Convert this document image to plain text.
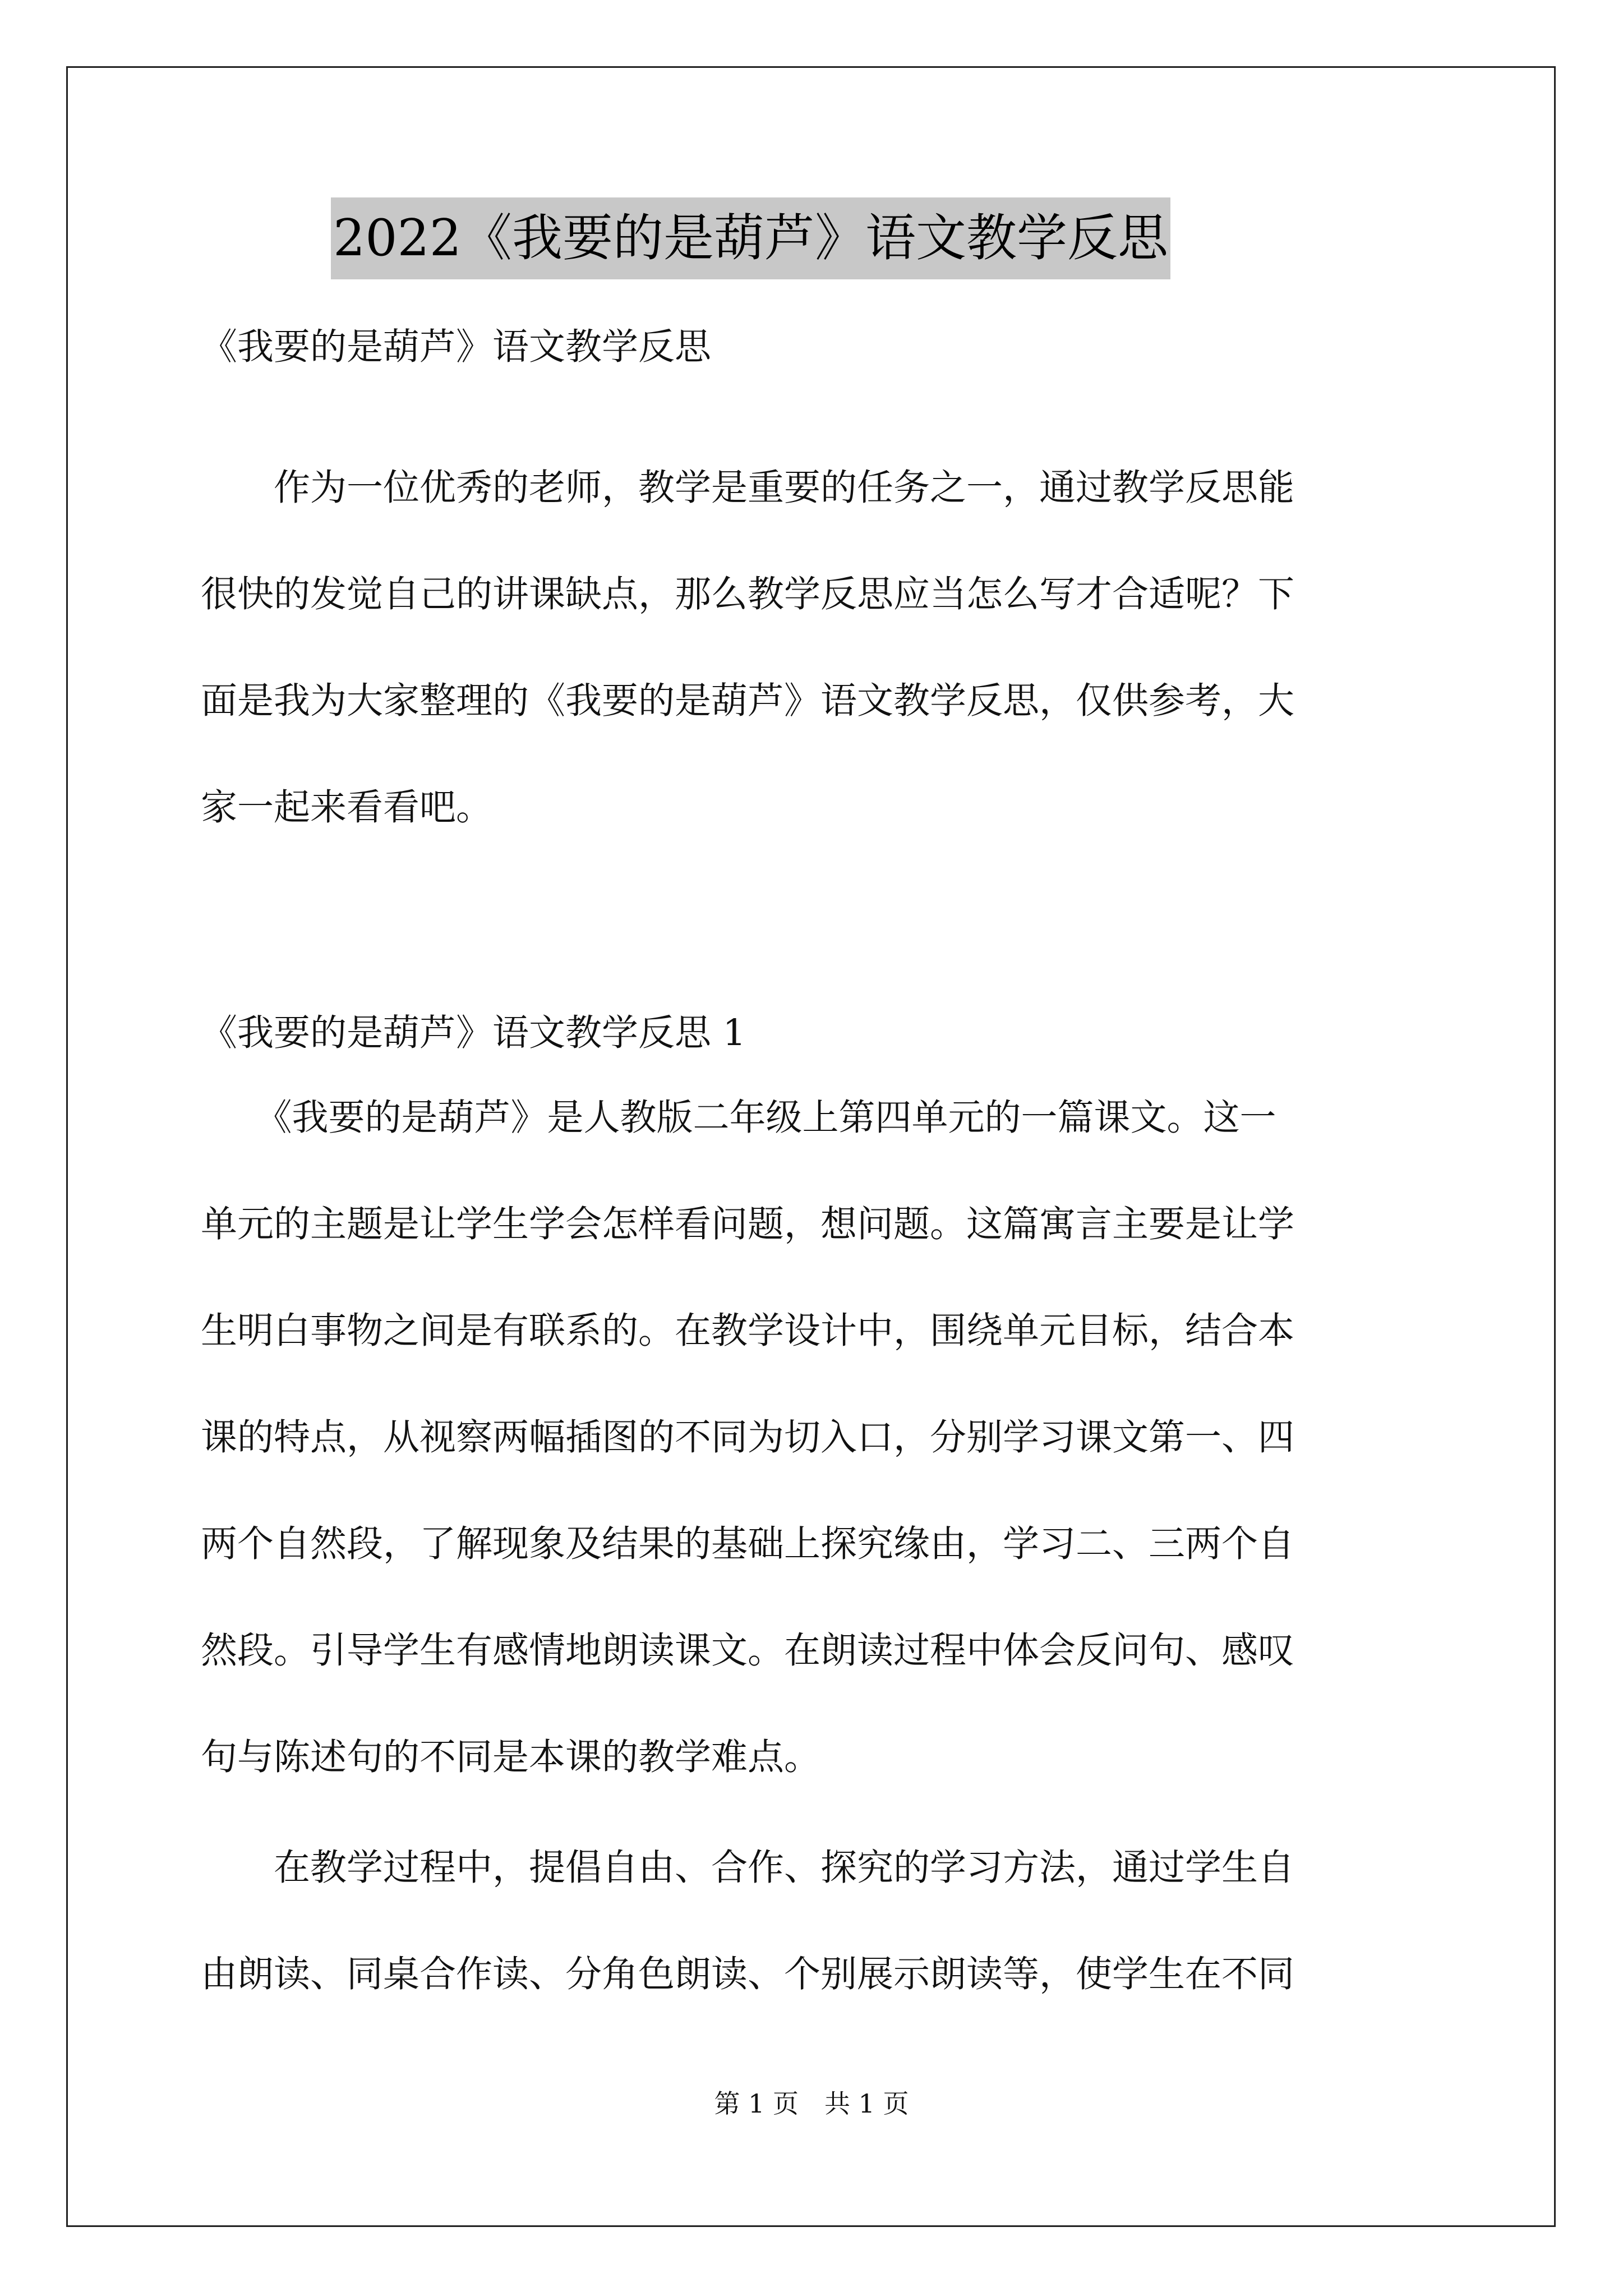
2022《我要的是葫芦》语文教学反思

《我要的是葫芦》语文教学反思

　　作为一位优秀的老师，教学是重要的任务之一，通过教学反思能
很快的发觉自己的讲课缺点，那么教学反思应当怎么写才合适呢？下
面是我为大家整理的《我要的是葫芦》语文教学反思，仅供参考，大
家一起来看看吧。

《我要的是葫芦》语文教学反思 1

　　《我要的是葫芦》是人教版二年级上第四单元的一篇课文。这一
单元的主题是让学生学会怎样看问题，想问题。这篇寓言主要是让学
生明白事物之间是有联系的。在教学设计中，围绕单元目标，结合本
课的特点，从视察两幅插图的不同为切入口，分别学习课文第一、四
两个自然段，了解现象及结果的基础上探究缘由，学习二、三两个自
然段。引导学生有感情地朗读课文。在朗读过程中体会反问句、感叹
句与陈述句的不同是本课的教学难点。

　　在教学过程中，提倡自由、合作、探究的学习方法，通过学生自
由朗读、同桌合作读、分角色朗读、个别展示朗读等，使学生在不同

第 1 页　共 1 页
